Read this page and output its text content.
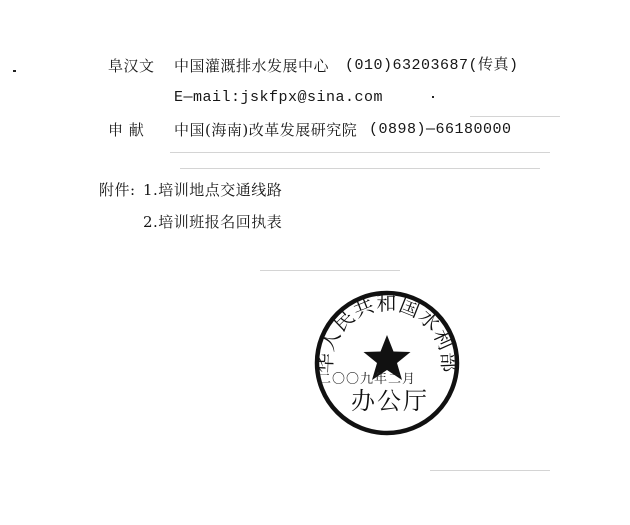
阜汉文 中国灌溉排水发展中心 (010)63203687(传真)
E—mail:jskfpx@sina.com
申 献 中国(海南)改革发展研究院 (0898)—66180000
附件: 1.培训地点交通线路
2.培训班报名回执表
华人民共和国水利部
二〇〇九年二月
办公厅
